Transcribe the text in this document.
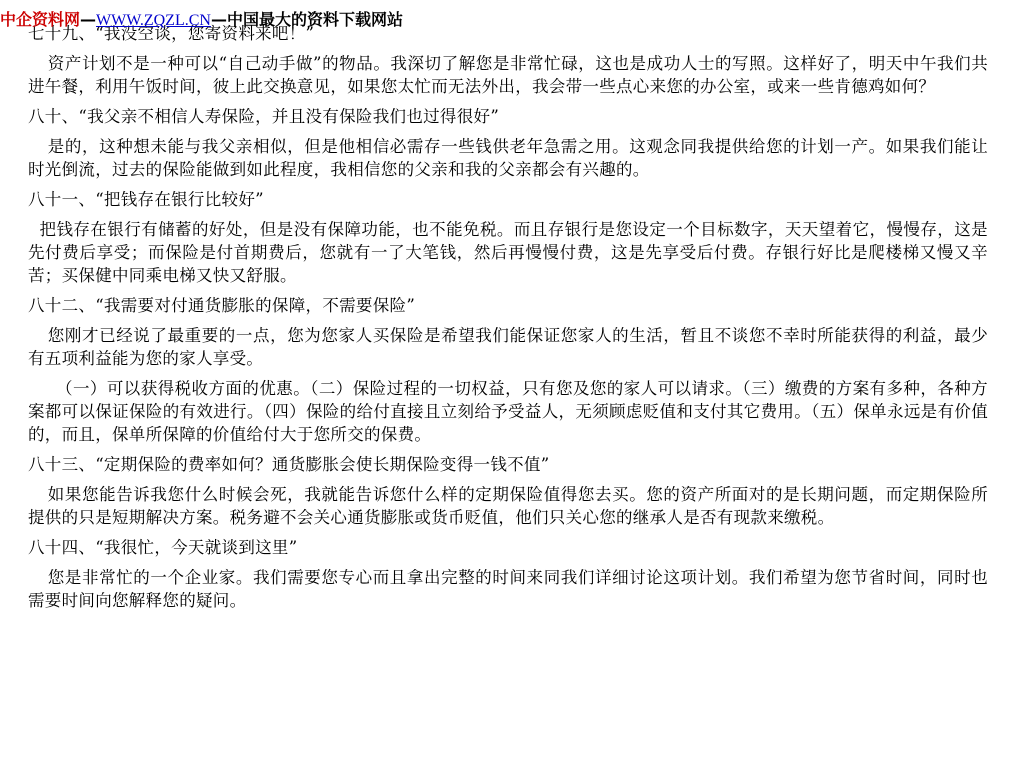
中企资料网—WWW.ZQZL.CN—中国最大的资料下载网站

七十九、“我没空谈，您寄资料来吧！”

资产计划不是一种可以“自己动手做”的物品。我深切了解您是非常忙碌，这也是成功人士的写照。这样好了，明天中午我们共进午餐，利用午饭时间，彼上此交换意见，如果您太忙而无法外出，我会带一些点心来您的办公室，或来一些肯德鸡如何？

八十、“我父亲不相信人寿保险，并且没有保险我们也过得很好”

是的，这种想未能与我父亲相似，但是他相信必需存一些钱供老年急需之用。这观念同我提供给您的计划一产。如果我们能让时光倒流，过去的保险能做到如此程度，我相信您的父亲和我的父亲都会有兴趣的。

八十一、“把钱存在银行比较好”

把钱存在银行有储蓄的好处，但是没有保障功能，也不能免税。而且存银行是您设定一个目标数字，天天望着它，慢慢存，这是先付费后享受；而保险是付首期费后，您就有一了大笔钱，然后再慢慢付费，这是先享受后付费。存银行好比是爬楼梯又慢又辛苦；买保健中同乘电梯又快又舒服。

八十二、“我需要对付通货膨胀的保障，不需要保险”

您刚才已经说了最重要的一点，您为您家人买保险是希望我们能保证您家人的生活，暂且不谈您不幸时所能获得的利益，最少有五项利益能为您的家人享受。

（一）可以获得税收方面的优惠。（二）保险过程的一切权益，只有您及您的家人可以请求。（三）缴费的方案有多种，各种方案都可以保证保险的有效进行。（四）保险的给付直接且立刻给予受益人，无须顾虑贬值和支付其它费用。（五）保单永远是有价值的，而且，保单所保障的价值给付大于您所交的保费。

八十三、“定期保险的费率如何？通货膨胀会使长期保险变得一钱不值”

如果您能告诉我您什么时候会死，我就能告诉您什么样的定期保险值得您去买。您的资产所面对的是长期问题，而定期保险所提供的只是短期解决方案。税务避不会关心通货膨胀或货币贬值，他们只关心您的继承人是否有现款来缴税。

八十四、“我很忙，今天就谈到这里”

您是非常忙的一个企业家。我们需要您专心而且拿出完整的时间来同我们详细讨论这项计划。我们希望为您节省时间，同时也需要时间向您解释您的疑问。
